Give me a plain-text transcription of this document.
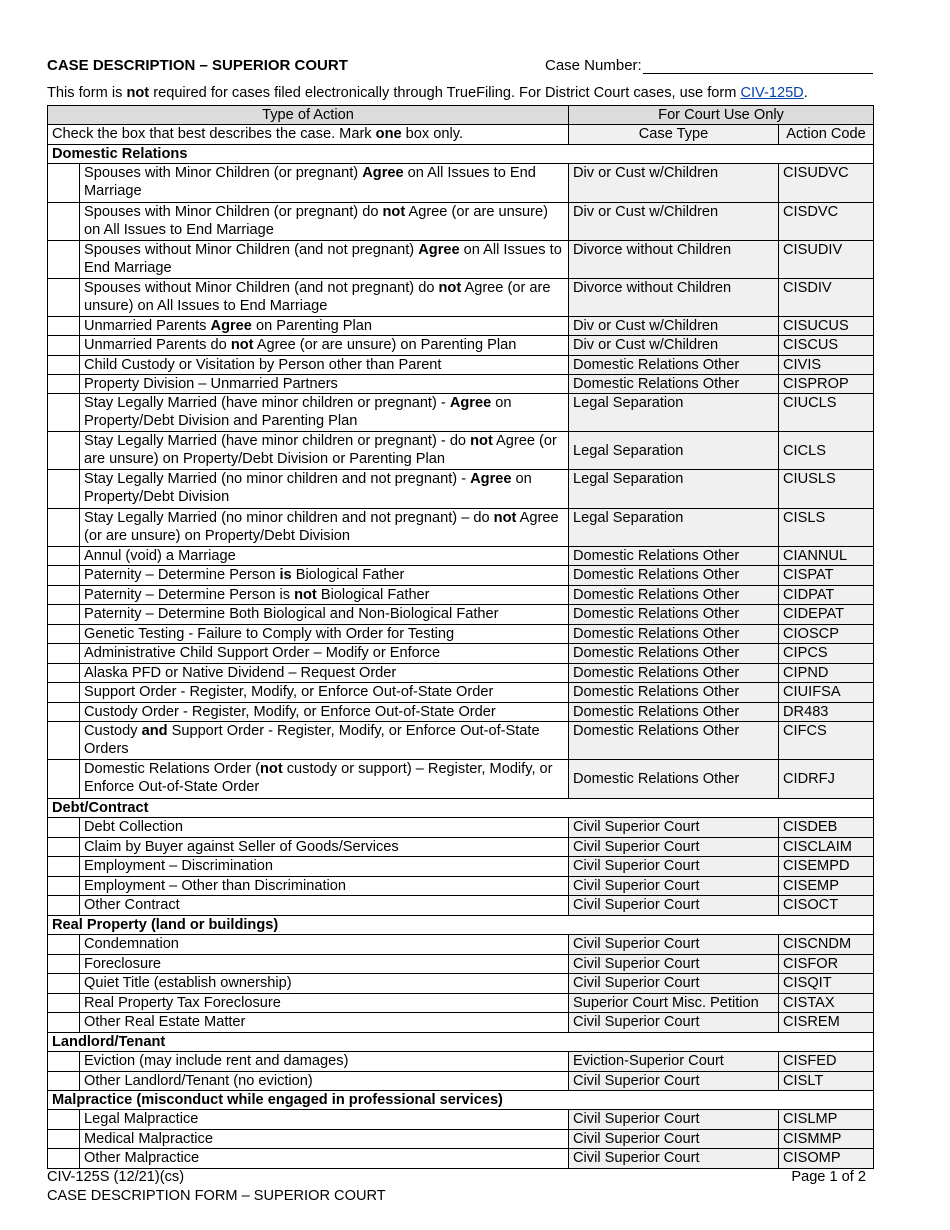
CASE DESCRIPTION – SUPERIOR COURT	Case Number:
This form is not required for cases filed electronically through TrueFiling. For District Court cases, use form CIV-125D.
Type of Action		For Court Use Only	
Check the box that best describes the case. Mark one box only.		Case Type	Action Code
Domestic Relations			
	Spouses with Minor Children (or pregnant) Agree on All Issues to End Marriage	Div or Cust w/Children	CISUDVC
	Spouses with Minor Children (or pregnant) do not Agree (or are unsure) on All Issues to End Marriage	Div or Cust w/Children	CISDVC
	Spouses without Minor Children (and not pregnant) Agree on All Issues to End Marriage	Divorce without Children	CISUDIV
	Spouses without Minor Children (and not pregnant) do not Agree (or are unsure) on All Issues to End Marriage	Divorce without Children	CISDIV
	Unmarried Parents Agree on Parenting Plan	Div or Cust w/Children	CISUCUS
	Unmarried Parents do not Agree (or are unsure) on Parenting Plan	Div or Cust w/Children	CISCUS
	Child Custody or Visitation by Person other than Parent	Domestic Relations Other	CIVIS
	Property Division – Unmarried Partners	Domestic Relations Other	CISPROP
	Stay Legally Married (have minor children or pregnant) - Agree on Property/Debt Division and Parenting Plan	Legal Separation	CIUCLS
	Stay Legally Married (have minor children or pregnant) - do not Agree (or are unsure) on Property/Debt Division or Parenting Plan	Legal Separation	CICLS
	Stay Legally Married (no minor children and not pregnant) - Agree on Property/Debt Division	Legal Separation	CIUSLS
	Stay Legally Married (no minor children and not pregnant) – do not Agree (or are unsure) on Property/Debt Division	Legal Separation	CISLS
	Annul (void) a Marriage	Domestic Relations Other	CIANNUL
	Paternity – Determine Person is Biological Father	Domestic Relations Other	CISPAT
	Paternity – Determine Person is not Biological Father	Domestic Relations Other	CIDPAT
	Paternity – Determine Both Biological and Non-Biological Father	Domestic Relations Other	CIDEPAT
	Genetic Testing - Failure to Comply with Order for Testing	Domestic Relations Other	CIOSCP
	Administrative Child Support Order – Modify or Enforce	Domestic Relations Other	CIPCS
	Alaska PFD or Native Dividend – Request Order	Domestic Relations Other	CIPND
	Support Order - Register, Modify, or Enforce Out-of-State Order	Domestic Relations Other	CIUIFSA
	Custody Order - Register, Modify, or Enforce Out-of-State Order	Domestic Relations Other	DR483
	Custody and Support Order - Register, Modify, or Enforce Out-of-State Orders	Domestic Relations Other	CIFCS
	Domestic Relations Order (not custody or support) – Register, Modify, or Enforce Out-of-State Order	Domestic Relations Other	CIDRFJ
Debt/Contract			
	Debt Collection	Civil Superior Court	CISDEB
	Claim by Buyer against Seller of Goods/Services	Civil Superior Court	CISCLAIM
	Employment – Discrimination	Civil Superior Court	CISEMPD
	Employment – Other than Discrimination	Civil Superior Court	CISEMP
	Other Contract	Civil Superior Court	CISOCT
Real Property (land or buildings)			
	Condemnation	Civil Superior Court	CISCNDM
	Foreclosure	Civil Superior Court	CISFOR
	Quiet Title (establish ownership)	Civil Superior Court	CISQIT
	Real Property Tax Foreclosure	Superior Court Misc. Petition	CISTAX
	Other Real Estate Matter	Civil Superior Court	CISREM
Landlord/Tenant			
	Eviction (may include rent and damages)	Eviction-Superior Court	CISFED
	Other Landlord/Tenant (no eviction)	Civil Superior Court	CISLT
Malpractice (misconduct while engaged in professional services)			
	Legal Malpractice	Civil Superior Court	CISLMP
	Medical Malpractice	Civil Superior Court	CISMMP
	Other Malpractice	Civil Superior Court	CISOMP
CIV-125S (12/21)(cs)
CASE DESCRIPTION FORM – SUPERIOR COURT
Page 1 of 2
